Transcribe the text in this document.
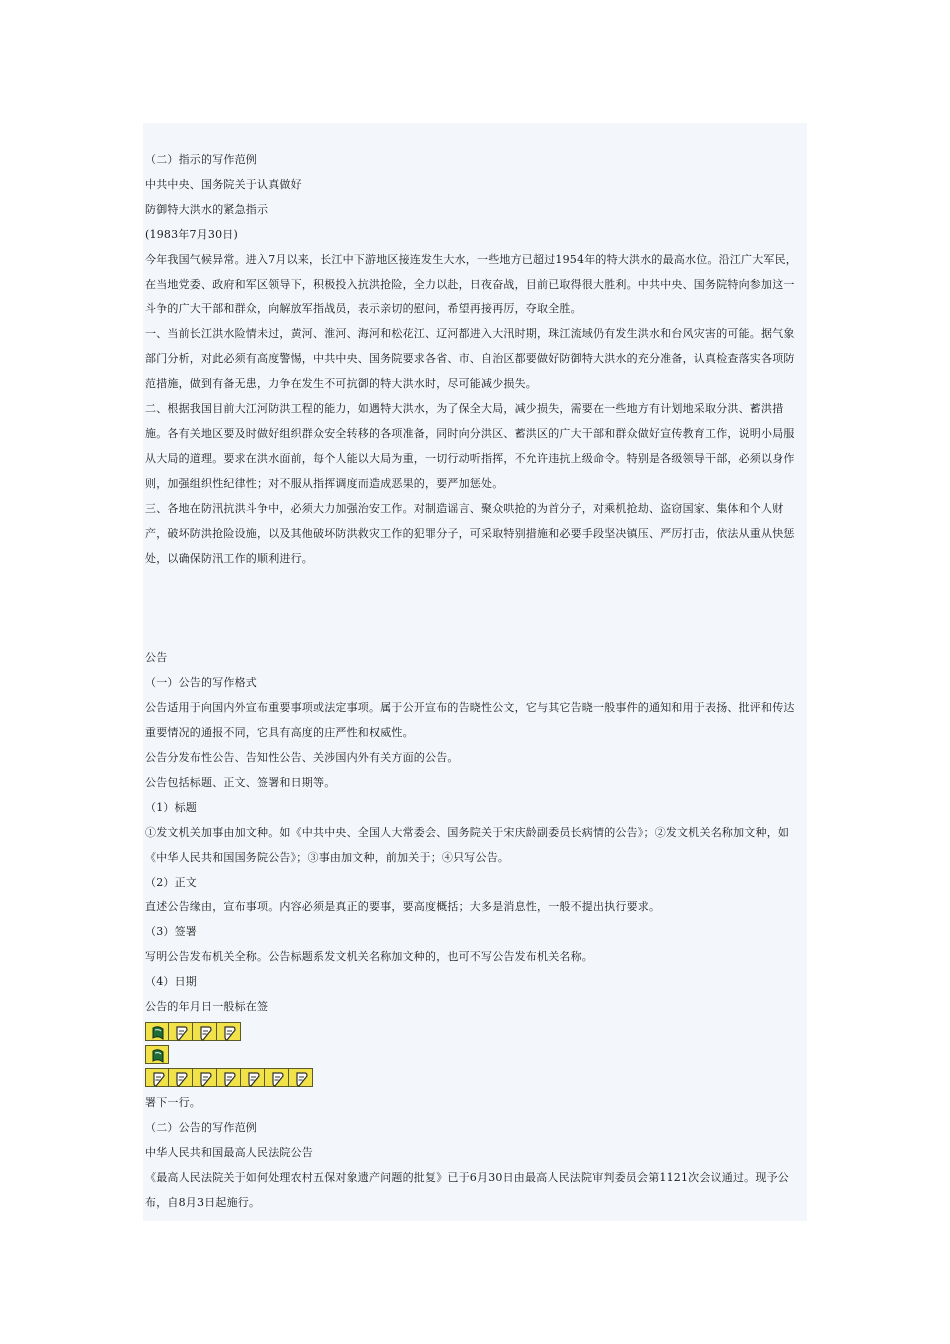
（二）指示的写作范例

中共中央、国务院关于认真做好

防御特大洪水的紧急指示

(1983年7月30日)

今年我国气候异常。进入7月以来，长江中下游地区接连发生大水，一些地方已超过1954年的特大洪水的最高水位。沿江广大军民，在当地党委、政府和军区领导下，积极投入抗洪抢险，全力以赴，日夜奋战，目前已取得很大胜利。中共中央、国务院特向参加这一斗争的广大干部和群众，向解放军指战员，表示亲切的慰问，希望再接再厉，夺取全胜。

一、当前长江洪水险情未过，黄河、淮河、海河和松花江、辽河都进入大汛时期，珠江流域仍有发生洪水和台风灾害的可能。据气象部门分析，对此必须有高度警惕，中共中央、国务院要求各省、市、自治区都要做好防御特大洪水的充分准备，认真检查落实各项防范措施，做到有备无患，力争在发生不可抗御的特大洪水时，尽可能减少损失。

二、根据我国目前大江河防洪工程的能力，如遇特大洪水，为了保全大局，减少损失，需要在一些地方有计划地采取分洪、蓄洪措施。各有关地区要及时做好组织群众安全转移的各项准备，同时向分洪区、蓄洪区的广大干部和群众做好宣传教育工作，说明小局服从大局的道理。要求在洪水面前，每个人能以大局为重，一切行动听指挥，不允许违抗上级命令。特别是各级领导干部，必须以身作则，加强组织性纪律性；对不服从指挥调度而造成恶果的，要严加惩处。

三、各地在防汛抗洪斗争中，必须大力加强治安工作。对制造谣言、聚众哄抢的为首分子，对乘机抢劫、盗窃国家、集体和个人财产，破坏防洪抢险设施，以及其他破坏防洪救灾工作的犯罪分子，可采取特别措施和必要手段坚决镇压、严厉打击，依法从重从快惩处，以确保防汛工作的顺利进行。

公告

（一）公告的写作格式

公告适用于向国内外宣布重要事项或法定事项。属于公开宣布的告晓性公文，它与其它告晓一般事件的通知和用于表扬、批评和传达重要情况的通报不同，它具有高度的庄严性和权威性。

公告分发布性公告、告知性公告、关涉国内外有关方面的公告。

公告包括标题、正文、签署和日期等。

（1）标题

①发文机关加事由加文种。如《中共中央、全国人大常委会、国务院关于宋庆龄副委员长病情的公告》；②发文机关名称加文种，如《中华人民共和国国务院公告》；③事由加文种，前加关于；④只写公告。

（2）正文

直述公告缘由，宣布事项。内容必须是真正的要事，要高度概括；大多是消息性，一般不提出执行要求。

（3）签署

写明公告发布机关全称。公告标题系发文机关名称加文种的，也可不写公告发布机关名称。

（4）日期

公告的年月日一般标在签

署下一行。

（二）公告的写作范例

中华人民共和国最高人民法院公告

《最高人民法院关于如何处理农村五保对象遗产问题的批复》已于6月30日由最高人民法院审判委员会第1121次会议通过。现予公布，自8月3日起施行。
